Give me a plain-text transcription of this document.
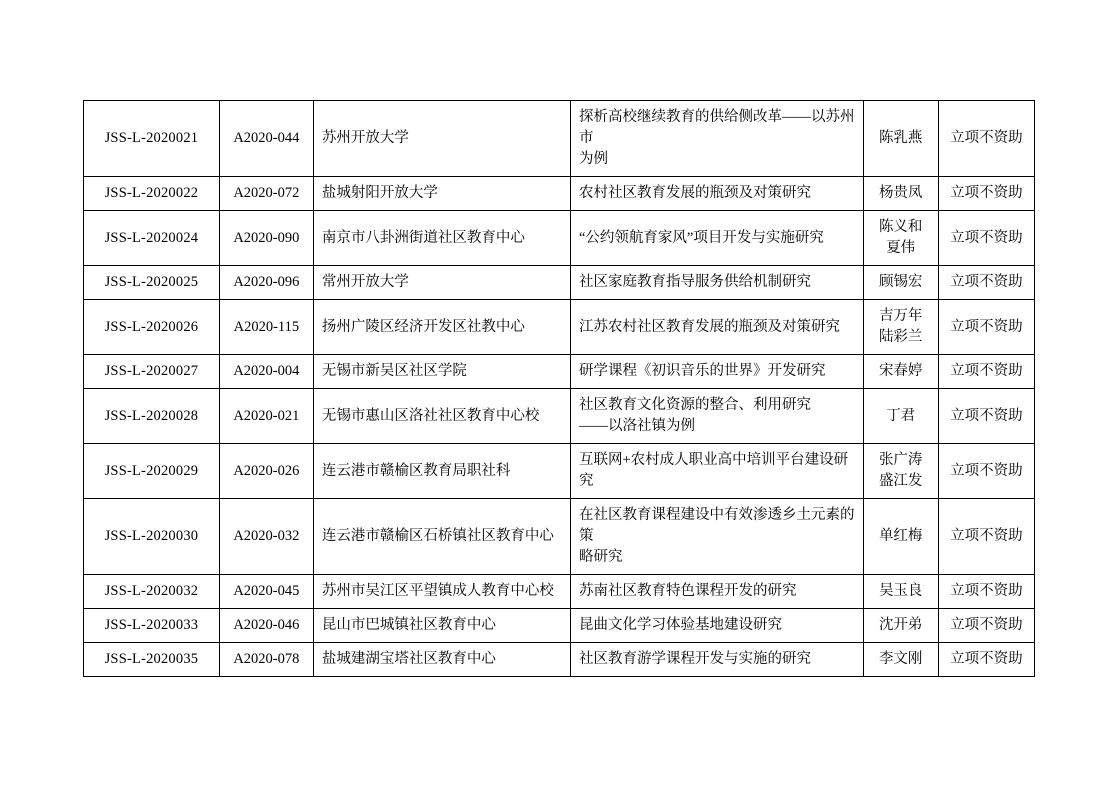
JSS-L-2020021	A2020-044	苏州开放大学	探析高校继续教育的供给侧改革——以苏州市
为例	陈乳燕	立项不资助
JSS-L-2020022	A2020-072	盐城射阳开放大学	农村社区教育发展的瓶颈及对策研究	杨贵凤	立项不资助
JSS-L-2020024	A2020-090	南京市八卦洲街道社区教育中心	“公约领航育家风”项目开发与实施研究	陈义和
夏伟	立项不资助
JSS-L-2020025	A2020-096	常州开放大学	社区家庭教育指导服务供给机制研究	顾锡宏	立项不资助
JSS-L-2020026	A2020-115	扬州广陵区经济开发区社教中心	江苏农村社区教育发展的瓶颈及对策研究	吉万年
陆彩兰	立项不资助
JSS-L-2020027	A2020-004	无锡市新吴区社区学院	研学课程《初识音乐的世界》开发研究	宋春婷	立项不资助
JSS-L-2020028	A2020-021	无锡市惠山区洛社社区教育中心校	社区教育文化资源的整合、利用研究
——以洛社镇为例	丁君	立项不资助
JSS-L-2020029	A2020-026	连云港市赣榆区教育局职社科	互联网+农村成人职业高中培训平台建设研究	张广涛
盛江发	立项不资助
JSS-L-2020030	A2020-032	连云港市赣榆区石桥镇社区教育中心	在社区教育课程建设中有效渗透乡土元素的策
略研究	单红梅	立项不资助
JSS-L-2020032	A2020-045	苏州市吴江区平望镇成人教育中心校	苏南社区教育特色课程开发的研究	吴玉良	立项不资助
JSS-L-2020033	A2020-046	昆山市巴城镇社区教育中心	昆曲文化学习体验基地建设研究	沈开弟	立项不资助
JSS-L-2020035	A2020-078	盐城建湖宝塔社区教育中心	社区教育游学课程开发与实施的研究	李文刚	立项不资助
